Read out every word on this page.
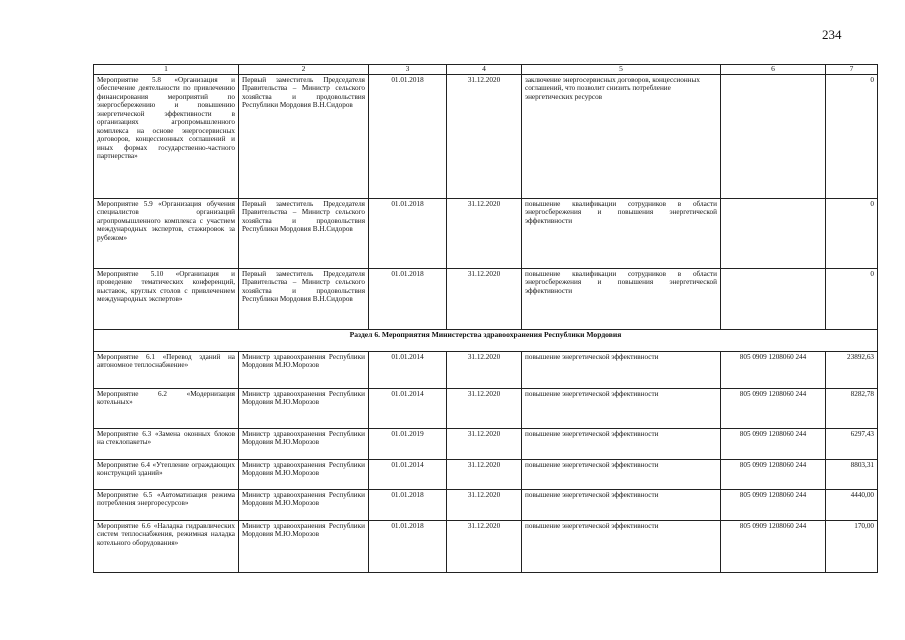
234
1	2	3	4	5	6	7
Мероприятие 5.8 «Организация и обеспечение деятельности по привлечению финансирования мероприятий по энергосбережению и повышению энергетической эффективности в организациях агропромышленного комплекса на основе энергосервисных договоров, концессионных соглашений и иных формах государственно-частного партнерства»	Первый заместитель Председателя Правительства – Министр сельского хозяйства и продовольствия Республики Мордовия В.Н.Сидоров	01.01.2018	31.12.2020	заключение энергосервисных договоров, концессионных соглашений, что позволит снизить потребление энергетических ресурсов		0
Мероприятие 5.9 «Организация обучения специалистов организаций агропромышленного комплекса с участием международных экспертов, стажировок за рубежом»	Первый заместитель Председателя Правительства – Министр сельского хозяйства и продовольствия Республики Мордовия В.Н.Сидоров	01.01.2018	31.12.2020	повышение квалификации сотрудников в области энергосбережения и повышения энергетической эффективности		0
Мероприятие 5.10 «Организация и проведение тематических конференций, выставок, круглых столов с привлечением международных экспертов»	Первый заместитель Председателя Правительства – Министр сельского хозяйства и продовольствия Республики Мордовия В.Н.Сидоров	01.01.2018	31.12.2020	повышение квалификации сотрудников в области энергосбережения и повышения энергетической эффективности		0
Раздел 6. Мероприятия Министерства здравоохранения Республики Мордовия						
Мероприятие 6.1 «Перевод зданий на автономное теплоснабжение»	Министр здравоохранения Республики Мордовия М.Ю.Морозов	01.01.2014	31.12.2020	повышение энергетической эффективности	805 0909 1208060 244	23892,63
Мероприятие 6.2 «Модернизация котельных»	Министр здравоохранения Республики Мордовия М.Ю.Морозов	01.01.2014	31.12.2020	повышение энергетической эффективности	805 0909 1208060 244	8282,78
Мероприятие 6.3 «Замена оконных блоков на стеклопакеты»	Министр здравоохранения Республики Мордовия М.Ю.Морозов	01.01.2019	31.12.2020	повышение энергетической эффективности	805 0909 1208060 244	6297,43
Мероприятие 6.4 «Утепление ограждающих конструкций зданий»	Министр здравоохранения Республики Мордовия М.Ю.Морозов	01.01.2014	31.12.2020	повышение энергетической эффективности	805 0909 1208060 244	8803,31
Мероприятие 6.5 «Автоматизация режима потребления энергоресурсов»	Министр здравоохранения Республики Мордовия М.Ю.Морозов	01.01.2018	31.12.2020	повышение энергетической эффективности	805 0909 1208060 244	4440,00
Мероприятие 6.6 «Наладка гидравлических систем теплоснабжения, режимная наладка котельного оборудования»	Министр здравоохранения Республики Мордовия М.Ю.Морозов	01.01.2018	31.12.2020	повышение энергетической эффективности	805 0909 1208060 244	170,00
